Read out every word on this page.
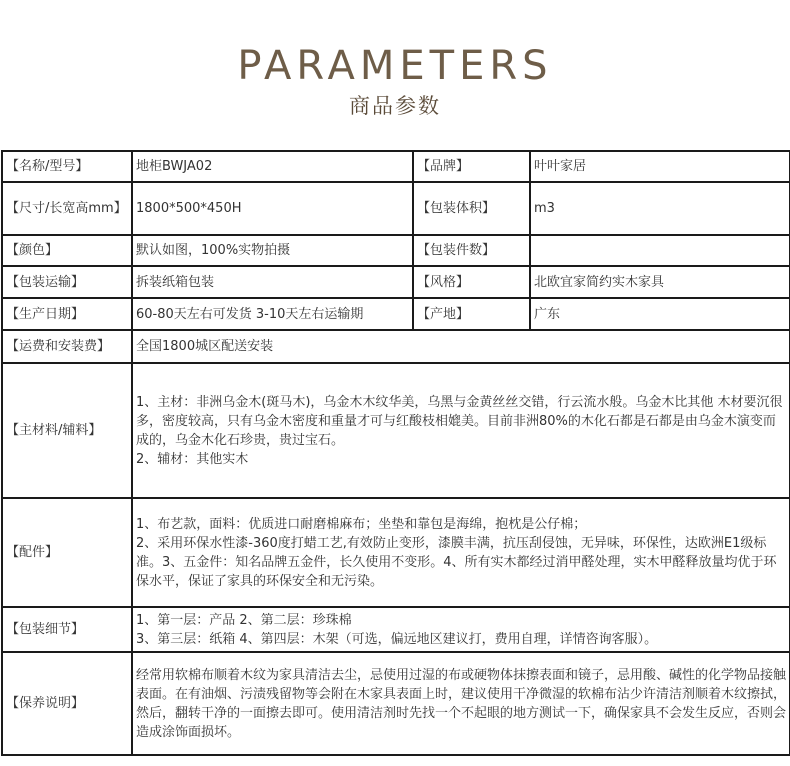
PARAMETERS
商品参数
【名称/型号】	地柜BWJA02	【品牌】	叶叶家居
【尺寸/长宽高mm】	1800*500*450H	【包装体积】	m3
【颜色】	默认如图，100%实物拍摄	【包装件数】	
【包装运输】	拆装纸箱包装	【风格】	北欧宜家简约实木家具
【生产日期】	60-80天左右可发货 3-10天左右运输期	【产地】	广东
【运费和安装费】	全国1800城区配送安装		
【主材料/辅料】	1、主材：非洲乌金木(斑马木)，乌金木木纹华美，乌黑与金黄丝丝交错，行云流水般。乌金木比其他 木材要沉很多，密度较高，只有乌金木密度和重量才可与红酸枝相媲美。目前非洲80%的木化石都是石都是由乌金木演变而成的，乌金木化石珍贵，贵过宝石。
2、辅材：其他实木		

【配件】	1、布艺款，面料：优质进口耐磨棉麻布；坐垫和靠包是海绵，抱枕是公仔棉；
2、采用环保水性漆-360度打蜡工艺,有效防止变形，漆膜丰满，抗压刮侵蚀，无异味，环保性，达欧洲E1级标准。3、五金件：知名品牌五金件，长久使用不变形。4、所有实木都经过消甲醛处理，实木甲醛释放量均优于环保水平，保证了家具的环保安全和无污染。		

【包装细节】	1、第一层：产品 2、第二层：珍珠棉
3、第三层：纸箱 4、第四层：木架（可选，偏远地区建议打，费用自理，详情咨询客服）。		

【保养说明】	经常用软棉布顺着木纹为家具清洁去尘，忌使用过湿的布或硬物体抹擦表面和镜子，忌用酸、碱性的化学物品接触表面。在有油烟、污渍残留物等会附在木家具表面上时，建议使用干净微湿的软棉布沾少许清洁剂顺着木纹擦拭，然后，翻转干净的一面擦去即可。使用清洁剂时先找一个不起眼的地方测试一下，确保家具不会发生反应，否则会造成涂饰面损坏。		
